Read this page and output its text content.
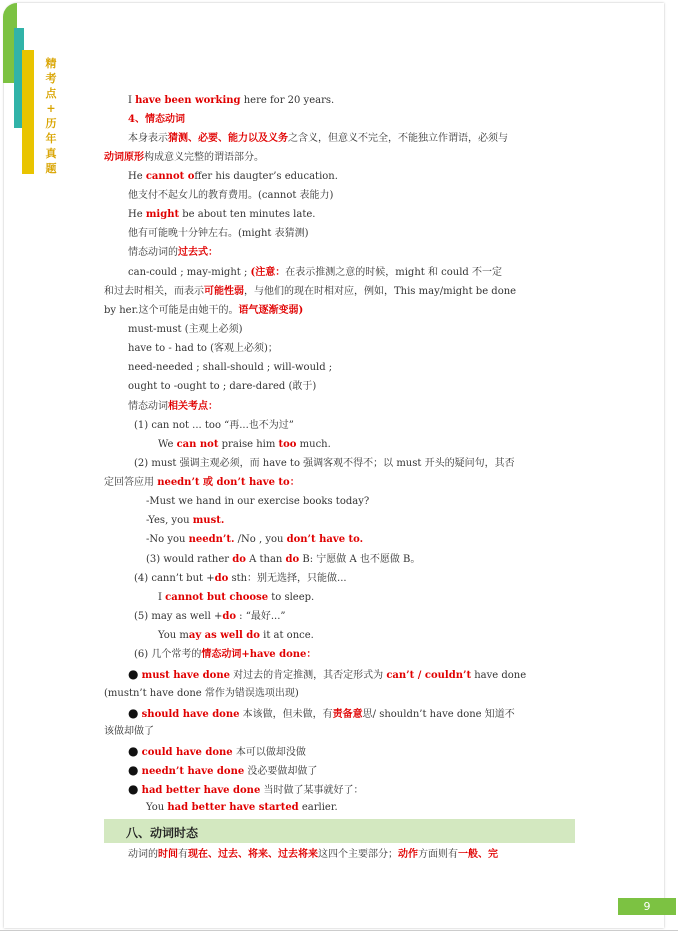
精
考
点
+
历
年
真
题
I have been working here for 20 years.
4、情态动词
本身表示猜测、必要、能力以及义务之含义，但意义不完全，不能独立作谓语，必须与
动词原形构成意义完整的谓语部分。
He cannot offer his daugter’s education.
他支付不起女儿的教育费用。(cannot 表能力)
He might be about ten minutes late.
他有可能晚十分钟左右。(might 表猜测)
情态动词的过去式：
can-could ; may-might ; (注意：在表示推测之意的时候，might 和 could 不一定
和过去时相关，而表示可能性弱，与他们的现在时相对应，例如，This may/might be done
by her.这个可能是由她干的。语气逐渐变弱)
must-must (主观上必须)
have to - had to (客观上必须)；
need-needed ; shall-should ; will-would ;
ought to -ought to ; dare-dared (敢于)
情态动词相关考点：
(1) can not ... too “再...也不为过”
We can not praise him too much.
(2) must 强调主观必须，而 have to 强调客观不得不；以 must 开头的疑问句，其否
定回答应用 needn’t 或 don’t have to：
-Must we hand in our exercise books today?
-Yes, you must.
-No you needn’t. /No , you don’t have to.
(3) would rather do A than do B: 宁愿做 A 也不愿做 B。
(4) cann’t but +do sth：别无选择，只能做...
I cannot but choose to sleep.
(5) may as well +do : “最好...”
You may as well do it at once.
(6) 几个常考的情态动词+have done：
● must have done 对过去的肯定推测，其否定形式为 can’t / couldn’t have done
(mustn’t have done 常作为错误选项出现)
● should have done 本该做，但未做，有责备意思/ shouldn’t have done 知道不
该做却做了
● could have done 本可以做却没做
● needn’t have done 没必要做却做了
● had better have done 当时做了某事就好了：
You had better have started earlier.
八、动词时态
动词的时间有现在、过去、将来、过去将来这四个主要部分；动作方面则有一般、完
9
